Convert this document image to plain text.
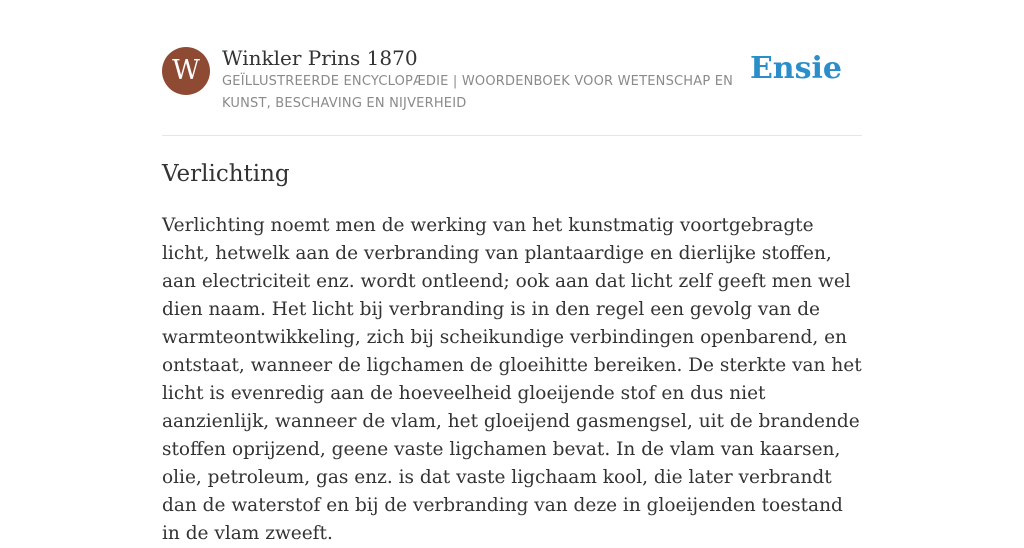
W	Winkler Prins 1870
GEÏLLUSTREERDE ENCYCLOPÆDIE | WOORDENBOEK VOOR WETENSCHAP EN KUNST, BESCHAVING EN NIJVERHEID
Ensie
Verlichting

Verlichting noemt men de werking van het kunstmatig voortgebragte licht, hetwelk aan de verbranding van plantaardige en dierlijke stoffen, aan electriciteit enz. wordt ontleend; ook aan dat licht zelf geeft men wel dien naam. Het licht bij verbranding is in den regel een gevolg van de warmteontwikkeling, zich bij scheikundige verbindingen openbarend, en ontstaat, wanneer de ligchamen de gloeihitte bereiken. De sterkte van het licht is evenredig aan de hoeveelheid gloeijende stof en dus niet aanzienlijk, wanneer de vlam, het gloeijend gasmengsel, uit de brandende stoffen oprijzend, geene vaste ligchamen bevat. In de vlam van kaarsen, olie, petroleum, gas enz. is dat vaste ligchaam kool, die later verbrandt dan de waterstof en bij de verbranding van deze in gloeijenden toestand in de vlam zweeft.
